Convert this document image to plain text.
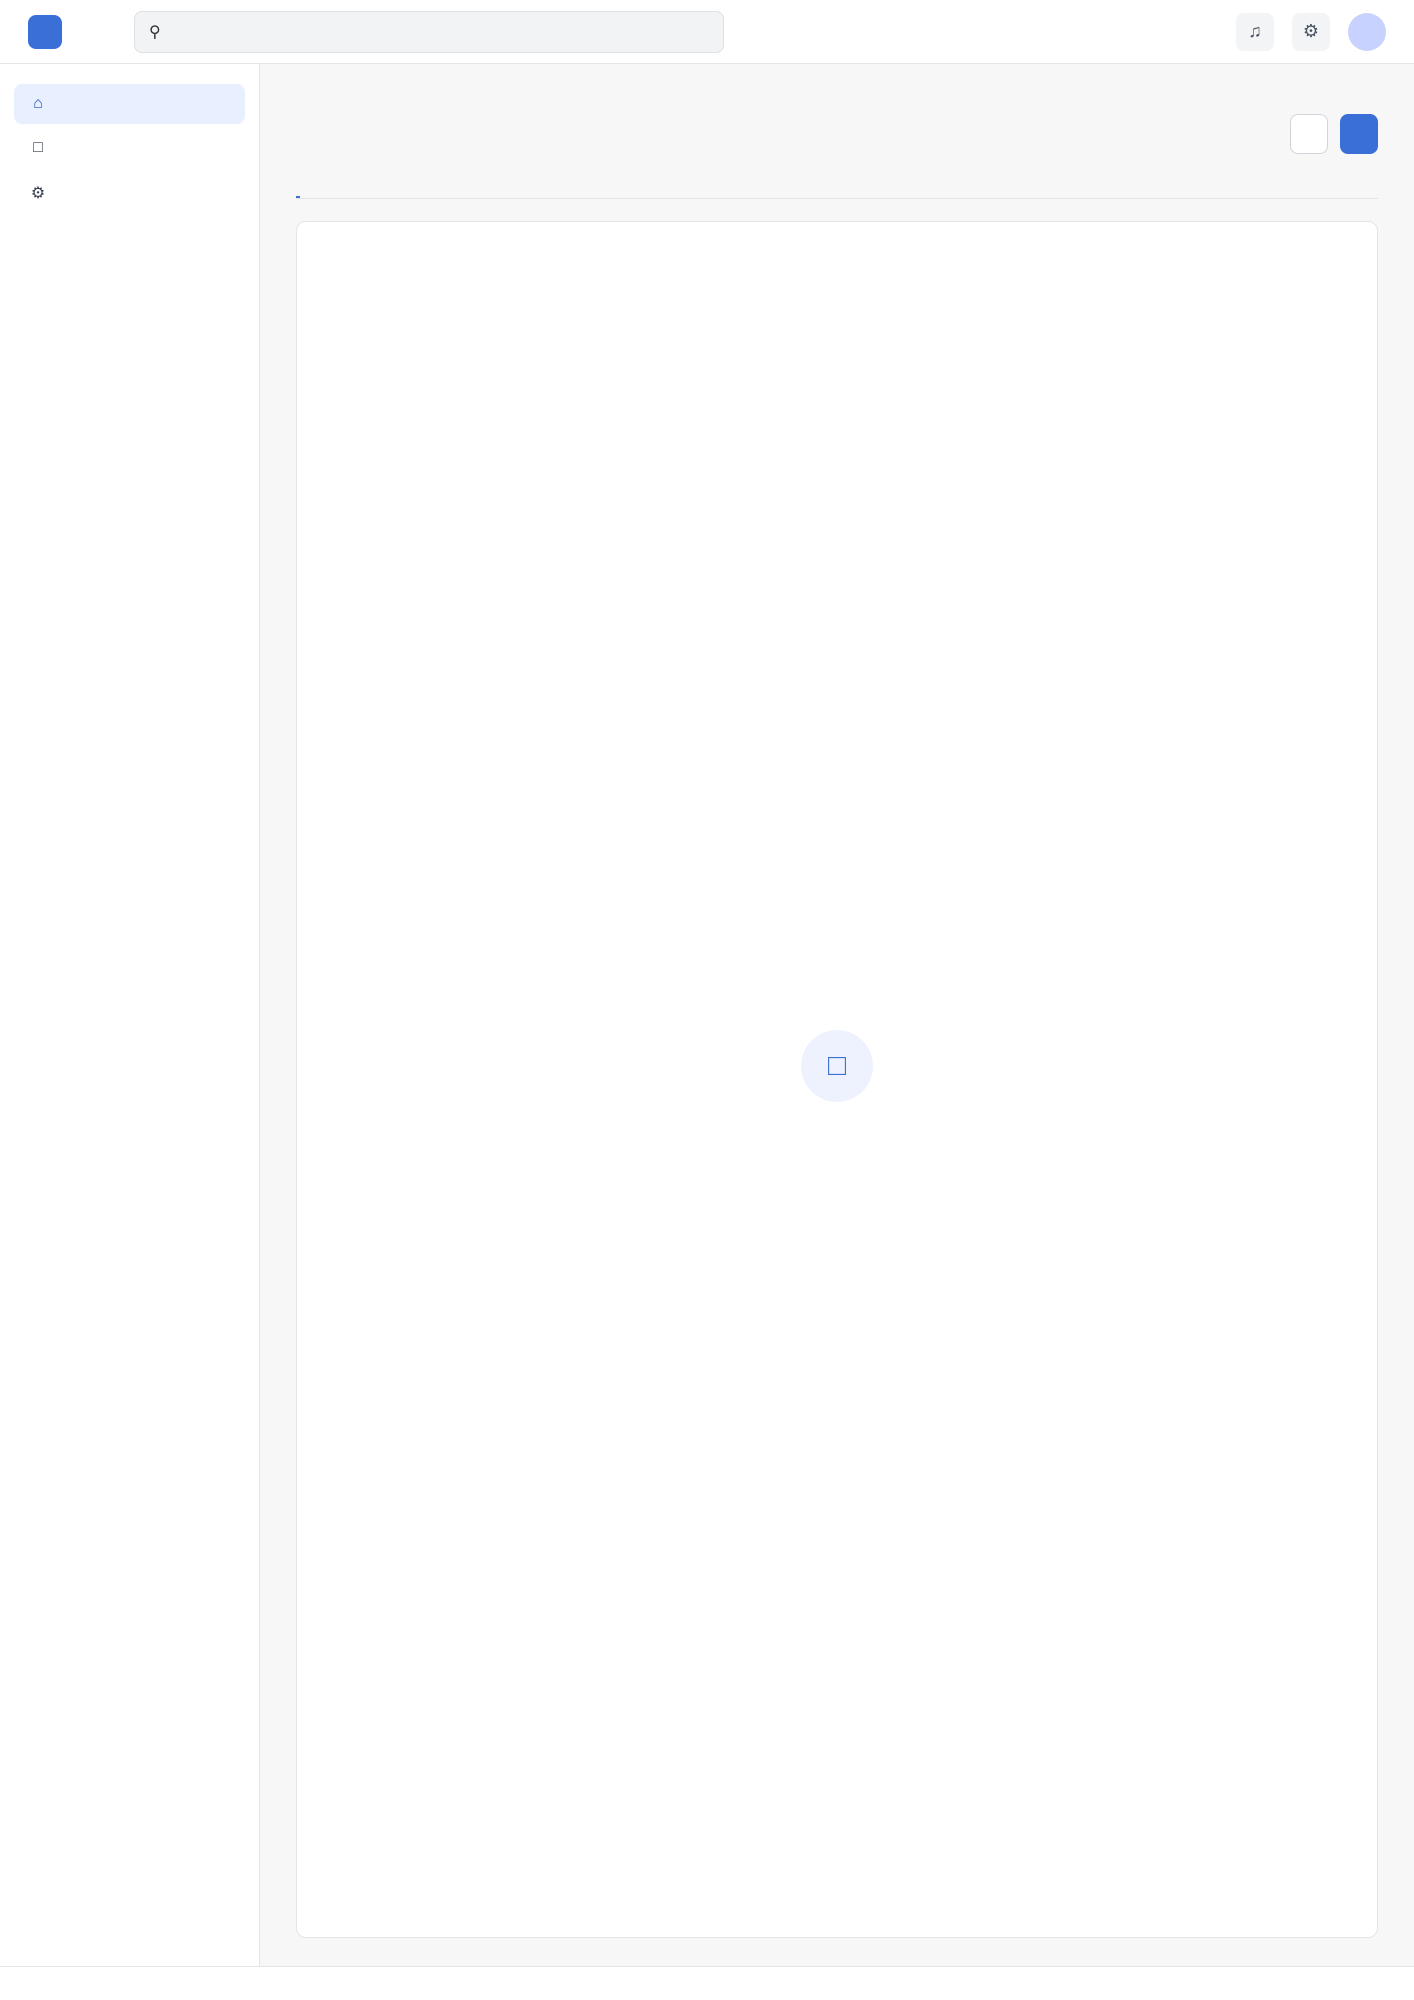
⚲	♫	⚙
⌂
□
⚙
□
